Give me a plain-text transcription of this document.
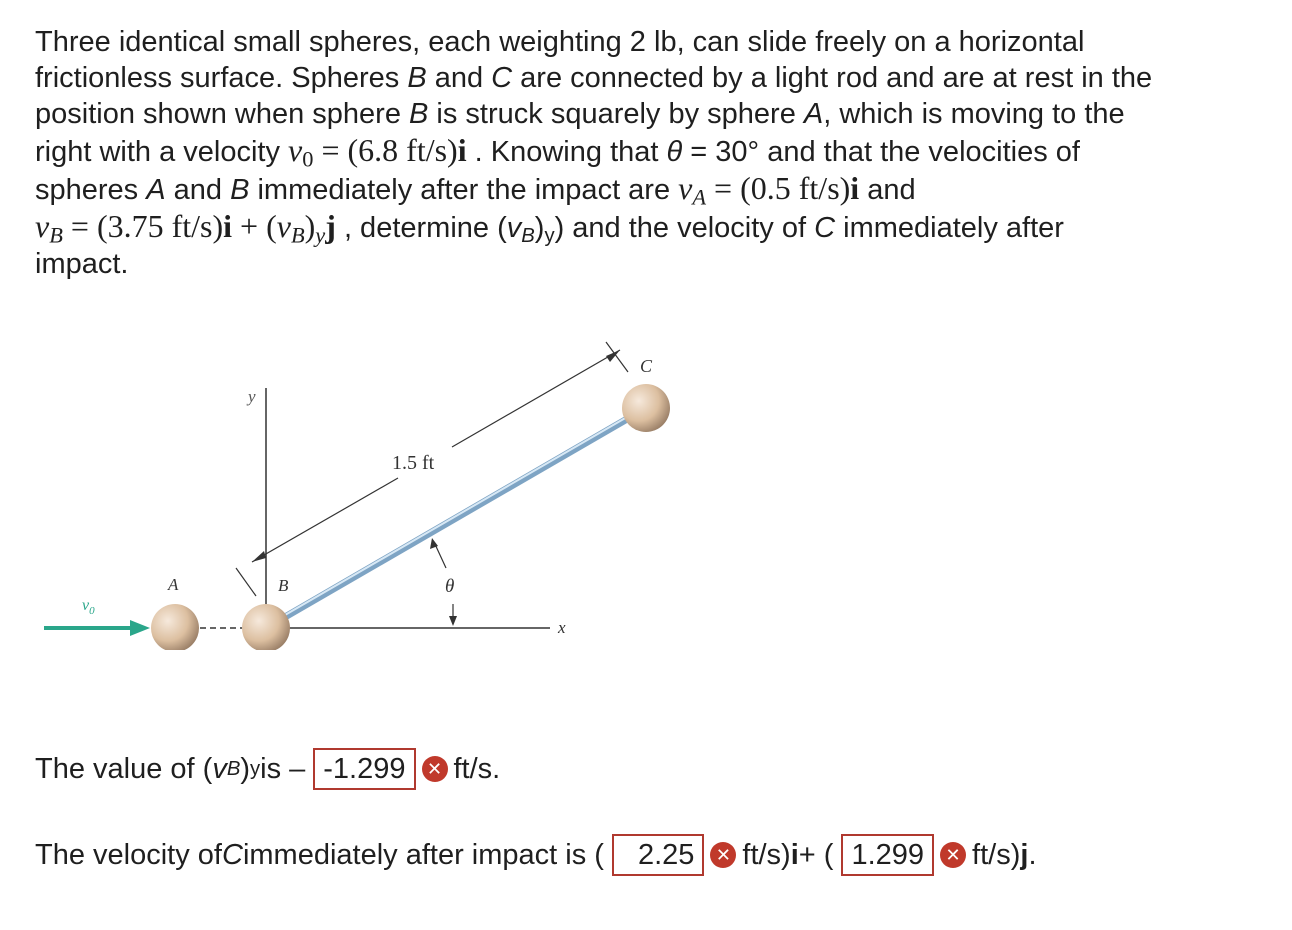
Three identical small spheres, each weighting 2 lb, can slide freely on a horizontal

frictionless surface. Spheres B and C are connected by a light rod and are at rest in the

position shown when sphere B is struck squarely by sphere A, which is moving to the

right with a velocity $v_0 = (6.8$ ft/s)i . Knowing that θ = 30° and that the velocities of

spheres A and B immediately after the impact are $v_A = (0.5$ ft/s)i and

$v_B = (3.75$ $ft/s)i + (v_B)_yj$ , determine $(v_B)_y$) and the velocity of C immediately after

impact.

x
y
1.5 ft
θ
$v_0$
A	B
C
The value of ( v B ) y is – -1.299	✕ ft/s.
The velocity of C immediately after impact is (	2.25	✕ ft/s) i + ( 1.299	✕ ft/s) j .
